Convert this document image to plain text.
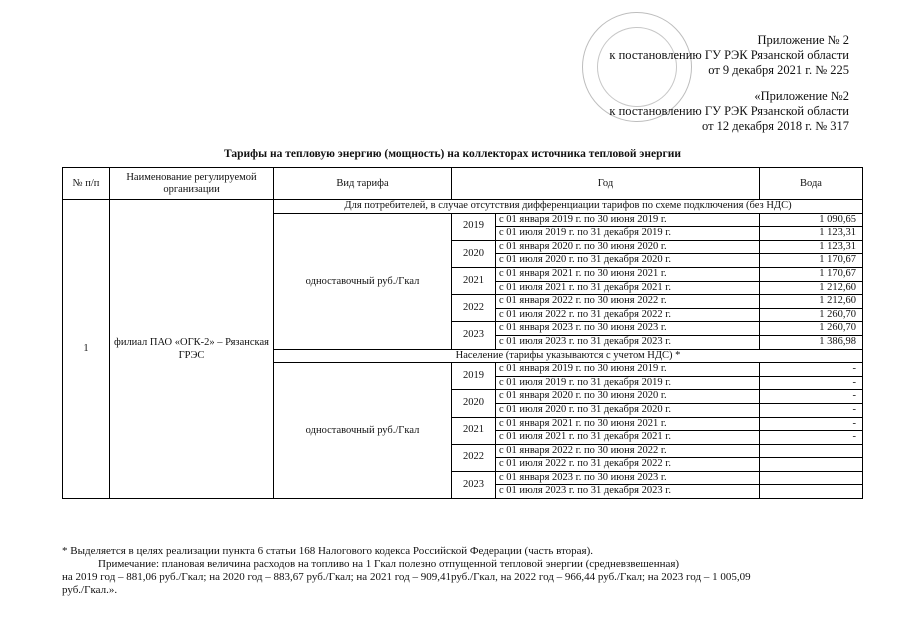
Приложение № 2
к постановлению ГУ РЭК Рязанской области
от 9 декабря 2021 г. № 225
«Приложение №2
к постановлению ГУ РЭК Рязанской области
от 12 декабря 2018 г. № 317
Тарифы на тепловую энергию (мощность) на коллекторах источника тепловой энергии
№ п/п	Наименование регулируемой организации	Вид тарифа	Год		Вода
1	филиал ПАО «ОГК-2» – Рязанская ГРЭС	Для потребителей, в случае отсутствия дифференциации тарифов по схеме подключения (без НДС)			
		одноставочный руб./Гкал	2019	с 01 января 2019 г. по 30 июня 2019 г.	1 090,65
				с 01 июля 2019 г. по 31 декабря 2019 г.	1 123,31
			2020	с 01 января 2020 г. по 30 июня 2020 г.	1 123,31
				с 01 июля 2020 г. по 31 декабря 2020 г.	1 170,67
			2021	с 01 января 2021 г. по 30 июня 2021 г.	1 170,67
				с 01 июля 2021 г. по 31 декабря 2021 г.	1 212,60
			2022	с 01 января 2022 г. по 30 июня 2022 г.	1 212,60
				с 01 июля 2022 г. по 31 декабря 2022 г.	1 260,70
			2023	с 01 января 2023 г. по 30 июня 2023 г.	1 260,70
				с 01 июля 2023 г. по 31 декабря 2023 г.	1 386,98
		Население (тарифы указываются с учетом НДС) *			
		одноставочный руб./Гкал	2019	с 01 января 2019 г. по 30 июня 2019 г.	-
				с 01 июля 2019 г. по 31 декабря 2019 г.	-
			2020	с 01 января 2020 г. по 30 июня 2020 г.	-
				с 01 июля 2020 г. по 31 декабря 2020 г.	-
			2021	с 01 января 2021 г. по 30 июня 2021 г.	-
				с 01 июля 2021 г. по 31 декабря 2021 г.	-
			2022	с 01 января 2022 г. по 30 июня 2022 г.	
				с 01 июля 2022 г. по 31 декабря 2022 г.	
			2023	с 01 января 2023 г. по 30 июня 2023 г.	
				с 01 июля 2023 г. по 31 декабря 2023 г.	
* Выделяется в целях реализации пункта 6 статьи 168 Налогового кодекса Российской Федерации (часть вторая).
Примечание: плановая величина расходов на топливо на 1 Гкал полезно отпущенной тепловой энергии (средневзвешенная)
на 2019 год – 881,06 руб./Гкал; на 2020 год – 883,67 руб./Гкал; на 2021 год – 909,41руб./Гкал, на 2022 год – 966,44 руб./Гкал; на 2023 год – 1 005,09
руб./Гкал.».
